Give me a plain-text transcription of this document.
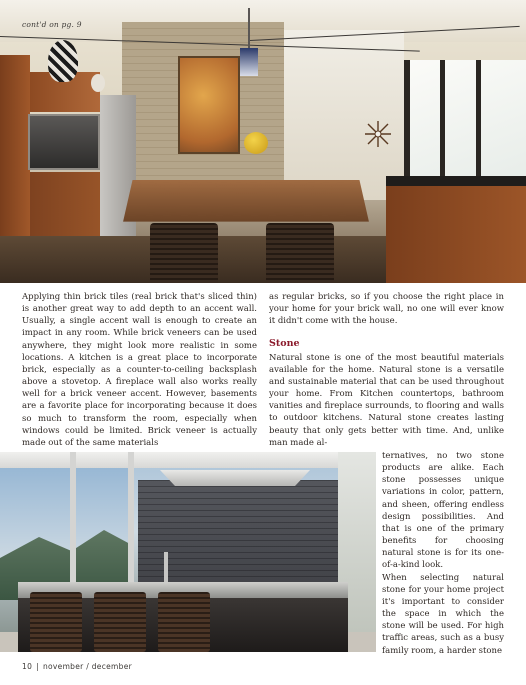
cont'd on pg. 9

Applying thin brick tiles (real brick that's sliced thin) is another great way to add depth to an accent wall. Usually, a single accent wall is enough to create an impact in any room. While brick veneers can be used anywhere, they might look more realistic in some locations. A kitchen is a great place to incorporate brick, especially as a counter-to-ceiling backsplash above a stovetop. A fireplace wall also works really well for a brick veneer accent. However, basements are a favorite place for incorporating because it does so much to transform the room, especially when windows could be limited. Brick veneer is actually made out of the same materials

as regular bricks, so if you choose the right place in your home for your brick wall, no one will ever know it didn't come with the house.

Stone

Natural stone is one of the most beautiful materials available for the home. Natural stone is a versatile and sustainable material that can be used throughout your home. From Kitchen countertops, bathroom vanities and fireplace surrounds, to flooring and walls to outdoor kitchens. Natural stone creates lasting beauty that only gets better with time. And, unlike man made al-

ternatives, no two stone products are alike. Each stone possesses unique variations in color, pattern, and sheen, offering endless design possibilities. And that is one of the primary benefits for choosing natural stone is for its one-of-a-kind look.

When selecting natural stone for your home project it's important to consider the space in which the stone will be used. For high traffic areas, such as a busy family room, a harder stone

10 | november / december
